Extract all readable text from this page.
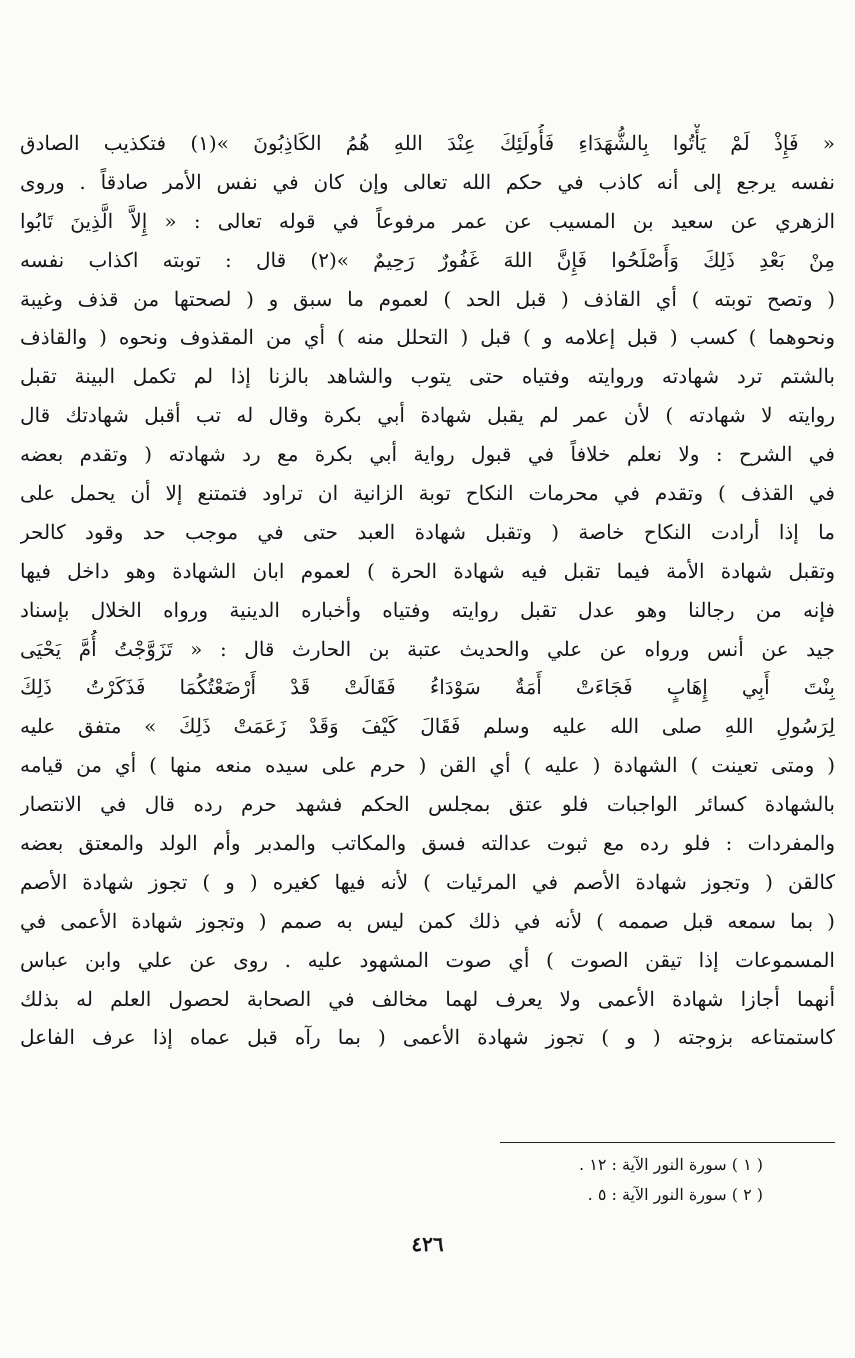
« فَإِذْ لَمْ يَأْتُوا بِالشُّهَدَاءِ فَأُولَئِكَ عِنْدَ اللهِ هُمُ الكَاذِبُونَ »(١) فتكذيب الصادق
نفسه يرجع إلى أنه كاذب في حكم الله تعالى وإن كان في نفس الأمر صادقاً . وروى
الزهري عن سعيد بن المسيب عن عمر مرفوعاً في قوله تعالى : « إِلاَّ الَّذِينَ تَابُوا
مِنْ بَعْدِ ذَلِكَ وَأَصْلَحُوا فَإِنَّ اللهَ غَفُورٌ رَحِيمٌ »(٢) قال : توبته اكذاب نفسه
( وتصح توبته ) أي القاذف ( قبل الحد ) لعموم ما سبق و ( لصحتها من قذف وغيبة
ونحوهما ) كسب ( قبل إعلامه و ) قبل ( التحلل منه ) أي من المقذوف ونحوه ( والقاذف
بالشتم ترد شهادته وروايته وفتياه حتى يتوب والشاهد بالزنا إذا لم تكمل البينة تقبل
روايته لا شهادته ) لأن عمر لم يقبل شهادة أبي بكرة وقال له تب أقبل شهادتك قال
في الشرح : ولا نعلم خلافاً في قبول رواية أبي بكرة مع رد شهادته ( وتقدم بعضه
في القذف ) وتقدم في محرمات النكاح توبة الزانية ان تراود فتمتنع إلا أن يحمل على
ما إذا أرادت النكاح خاصة ( وتقبل شهادة العبد حتى في موجب حد وقود كالحر
وتقبل شهادة الأمة فيما تقبل فيه شهادة الحرة ) لعموم ابان الشهادة وهو داخل فيها
فإنه من رجالنا وهو عدل تقبل روايته وفتياه وأخباره الدينية ورواه الخلال بإسناد
جيد عن أنس ورواه عن علي والحديث عتبة بن الحارث قال : « تَزَوَّجْتُ أُمَّ يَحْيَى
بِنْتَ أَبِي إِهَابٍ فَجَاءَتْ أَمَةٌ سَوْدَاءُ فَقَالَتْ قَدْ أَرْضَعْتُكُمَا فَذَكَرْتُ ذَلِكَ
لِرَسُولِ اللهِ صلى الله عليه وسلم فَقَالَ كَيْفَ وَقَدْ زَعَمَتْ ذَلِكَ » متفق عليه
( ومتى تعينت ) الشهادة ( عليه ) أي القن ( حرم على سيده منعه منها ) أي من قيامه
بالشهادة كسائر الواجبات فلو عتق بمجلس الحكم فشهد حرم رده قال في الانتصار
والمفردات : فلو رده مع ثبوت عدالته فسق والمكاتب والمدبر وأم الولد والمعتق بعضه
كالقن ( وتجوز شهادة الأصم في المرئيات ) لأنه فيها كغيره ( و ) تجوز شهادة الأصم
( بما سمعه قبل صممه ) لأنه في ذلك كمن ليس به صمم ( وتجوز شهادة الأعمى في
المسموعات إذا تيقن الصوت ) أي صوت المشهود عليه . روى عن علي وابن عباس
أنهما أجازا شهادة الأعمى ولا يعرف لهما مخالف في الصحابة لحصول العلم له بذلك
كاستمتاعه بزوجته ( و ) تجوز شهادة الأعمى ( بما رآه قبل عماه إذا عرف الفاعل
( ١ ) سورة النور الآية : ١٢ .
( ٢ ) سورة النور الآية : ٥ .
٤٢٦
